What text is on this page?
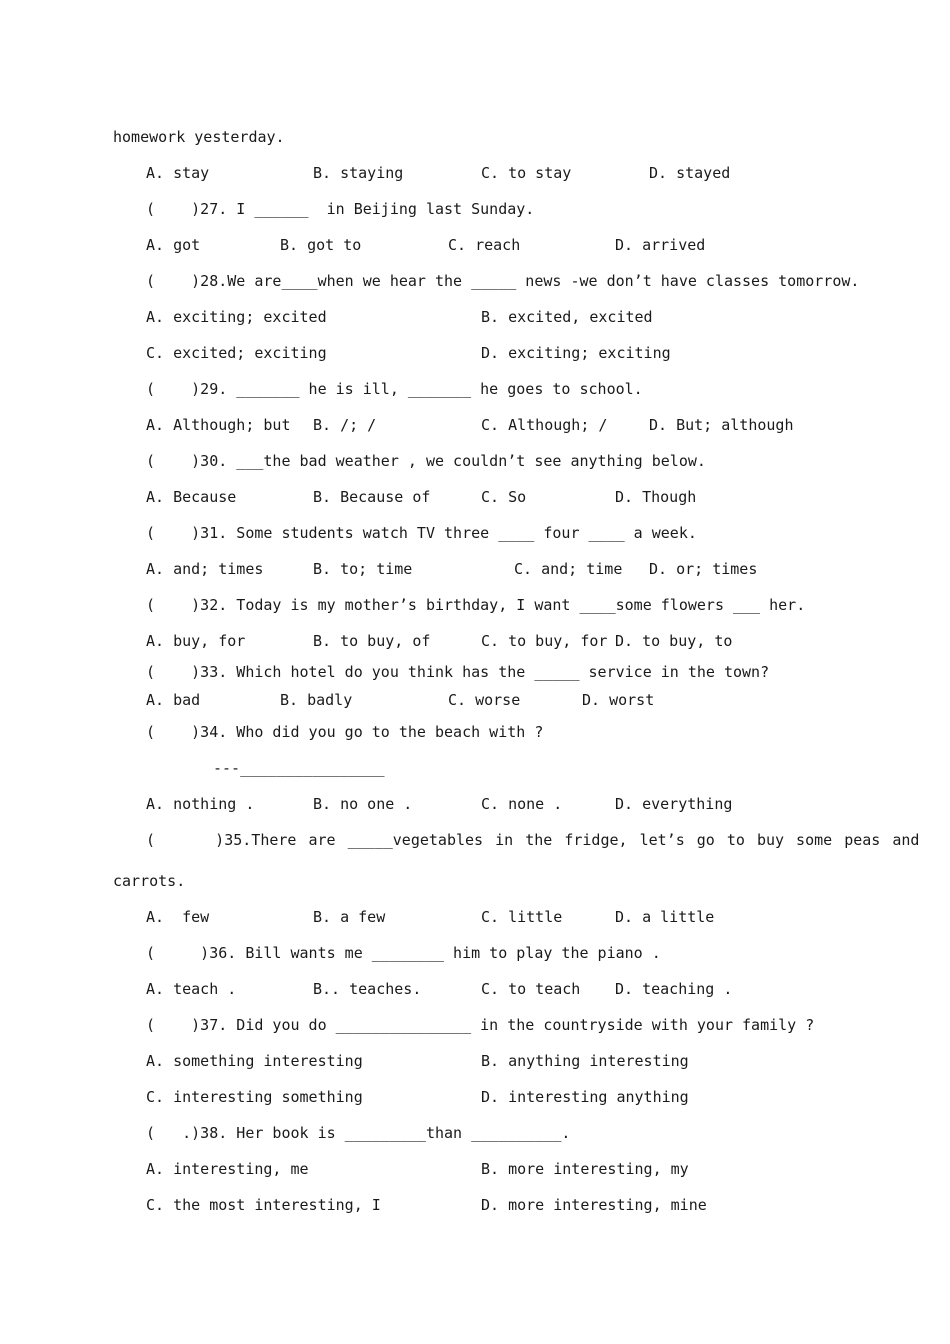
homework yesterday.
A. stay	B. staying	C. to stay	D. stayed
(    )27. I ______  in Beijing last Sunday.
A. got	B. got to	C. reach	D. arrived
(    )28.We are____when we hear the _____ news -we don’t have classes tomorrow.
A. exciting; excited	B. excited, excited
C. excited; exciting	D. exciting; exciting
(    )29. _______ he is ill, _______ he goes to school.
A. Although; but B. /; /	C. Although; /	D. But; although
(    )30. ___the bad weather , we couldn’t see anything below.
A. Because	B. Because of	C. So	D. Though
(    )31. Some students watch TV three ____ four ____ a week.
A. and; times	B. to; time	C. and; time D. or; times
(    )32. Today is my mother’s birthday, I want ____some flowers ___ her.
A. buy, for	B. to buy, of	C. to buy, for D. to buy, to
(    )33. Which hotel do you think has the _____ service in the town?
A. bad	B. badly	C. worse	D. worst
(    )34. Who did you go to the beach with ?
---________________
A. nothing .	B. no one .	C. none .	D. everything
(     )35.There are _____vegetables in the fridge, let’s go to buy some peas and
carrots.
A.  few	B. a few	C. little	D. a little
(     )36. Bill wants me ________ him to play the piano .
A. teach .	B.. teaches.	C. to teach D. teaching .
(    )37. Did you do _______________ in the countryside with your family ?
A. something interesting	B. anything interesting
C. interesting something	D. interesting anything
(   .)38. Her book is _________than __________.
A. interesting, me	B. more interesting, my
C. the most interesting, I	D. more interesting, mine
